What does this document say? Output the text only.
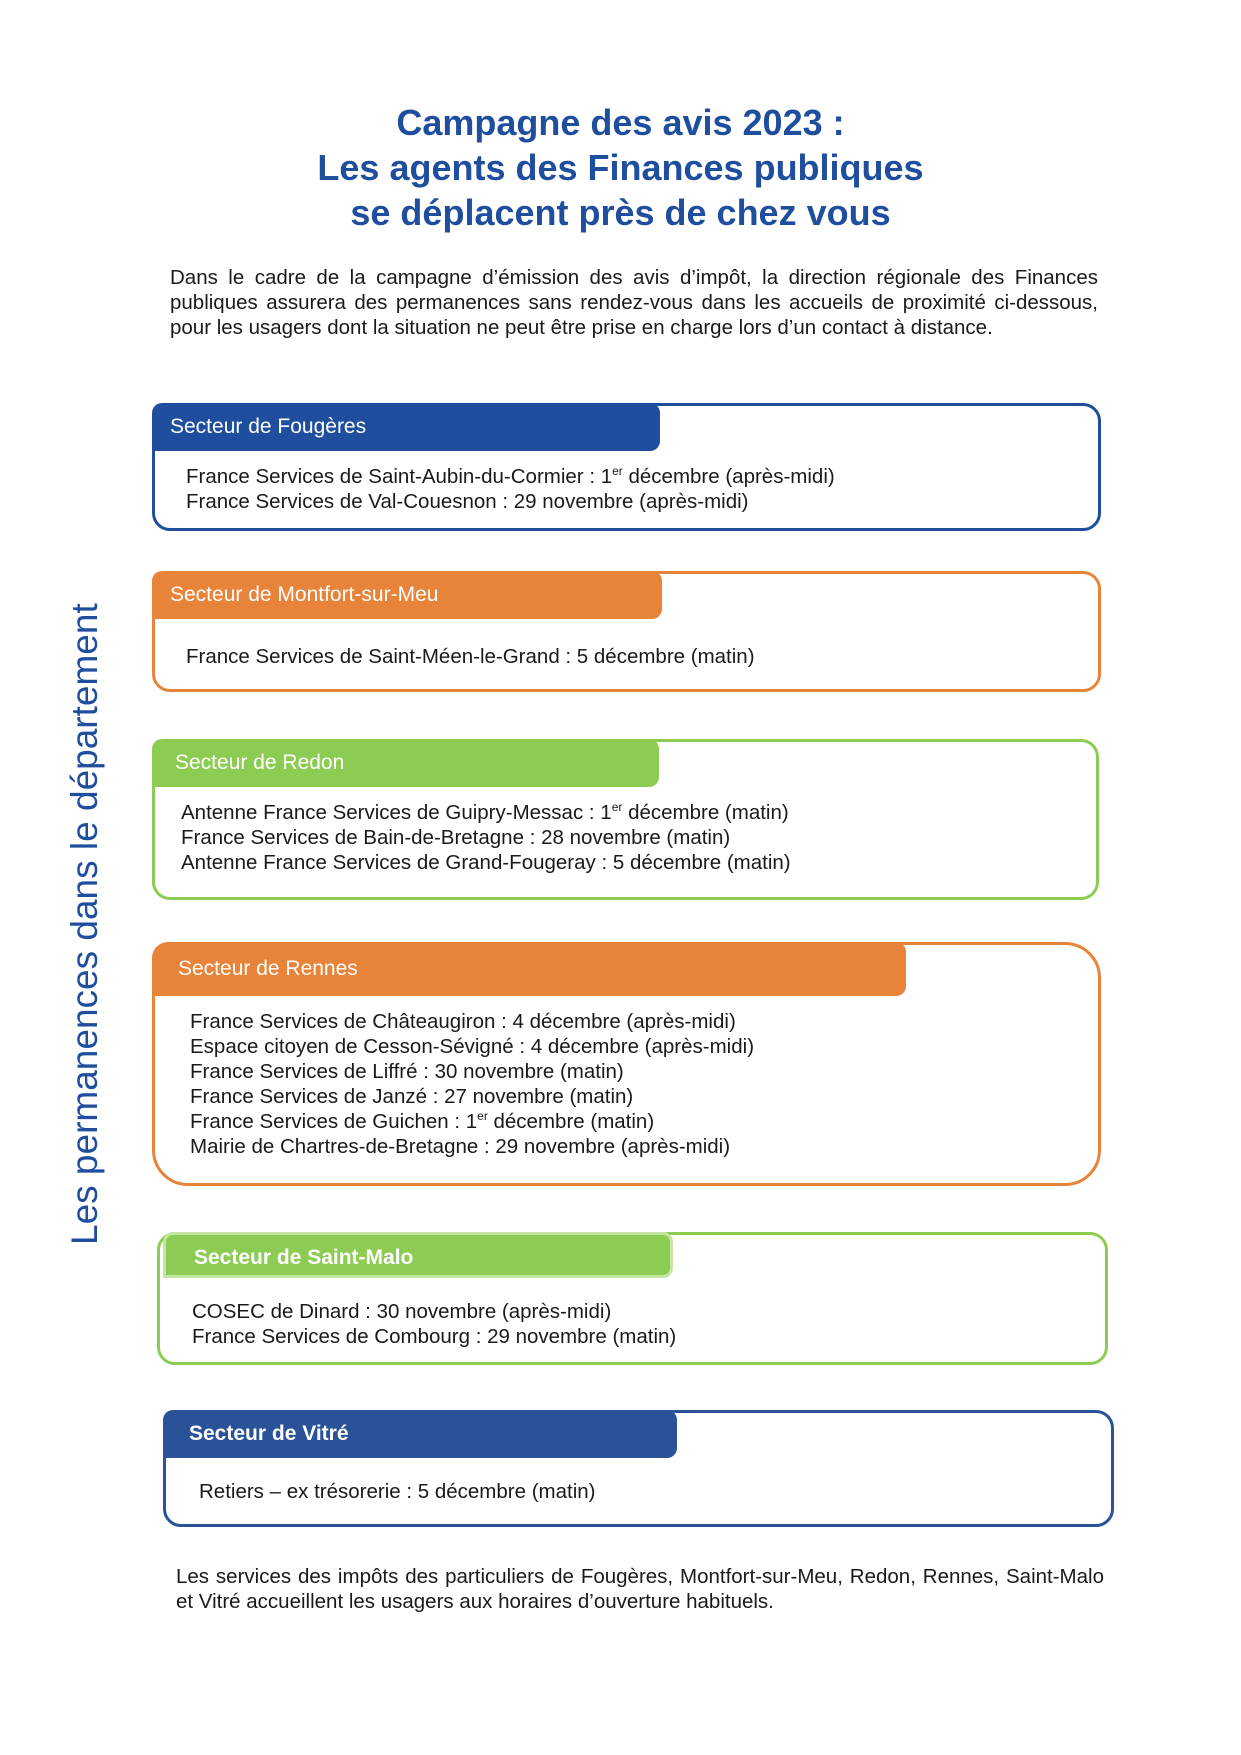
Campagne des avis 2023 :
Les agents des Finances publiques
se déplacent près de chez vous

Dans le cadre de la campagne d’émission des avis d’impôt, la direction régionale des Finances publiques assurera des permanences sans rendez-vous dans les accueils de proximité ci-dessous, pour les usagers dont la situation ne peut être prise en charge lors d’un contact à distance.

Les permanences dans le département
Secteur de Fougères
France Services de Saint-Aubin-du-Cormier : 1er décembre (après-midi)
France Services de Val-Couesnon : 29 novembre (après-midi)
Secteur de Montfort-sur-Meu
France Services de Saint-Méen-le-Grand : 5 décembre (matin)
Secteur de Redon
Antenne France Services de Guipry-Messac : 1er décembre (matin)
France Services de Bain-de-Bretagne : 28 novembre (matin)
Antenne France Services de Grand-Fougeray : 5 décembre (matin)
Secteur de Rennes
France Services de Châteaugiron : 4 décembre (après-midi)
Espace citoyen de Cesson-Sévigné : 4 décembre (après-midi)
France Services de Liffré : 30 novembre (matin)
France Services de Janzé : 27 novembre (matin)
France Services de Guichen : 1er décembre (matin)
Mairie de Chartres-de-Bretagne : 29 novembre (après-midi)
Secteur de Saint-Malo
COSEC de Dinard : 30 novembre (après-midi)
France Services de Combourg : 29 novembre (matin)
Secteur de Vitré
Retiers – ex trésorerie : 5 décembre (matin)

Les services des impôts des particuliers de Fougères, Montfort-sur-Meu, Redon, Rennes, Saint-Malo et Vitré accueillent les usagers aux horaires d’ouverture habituels.
